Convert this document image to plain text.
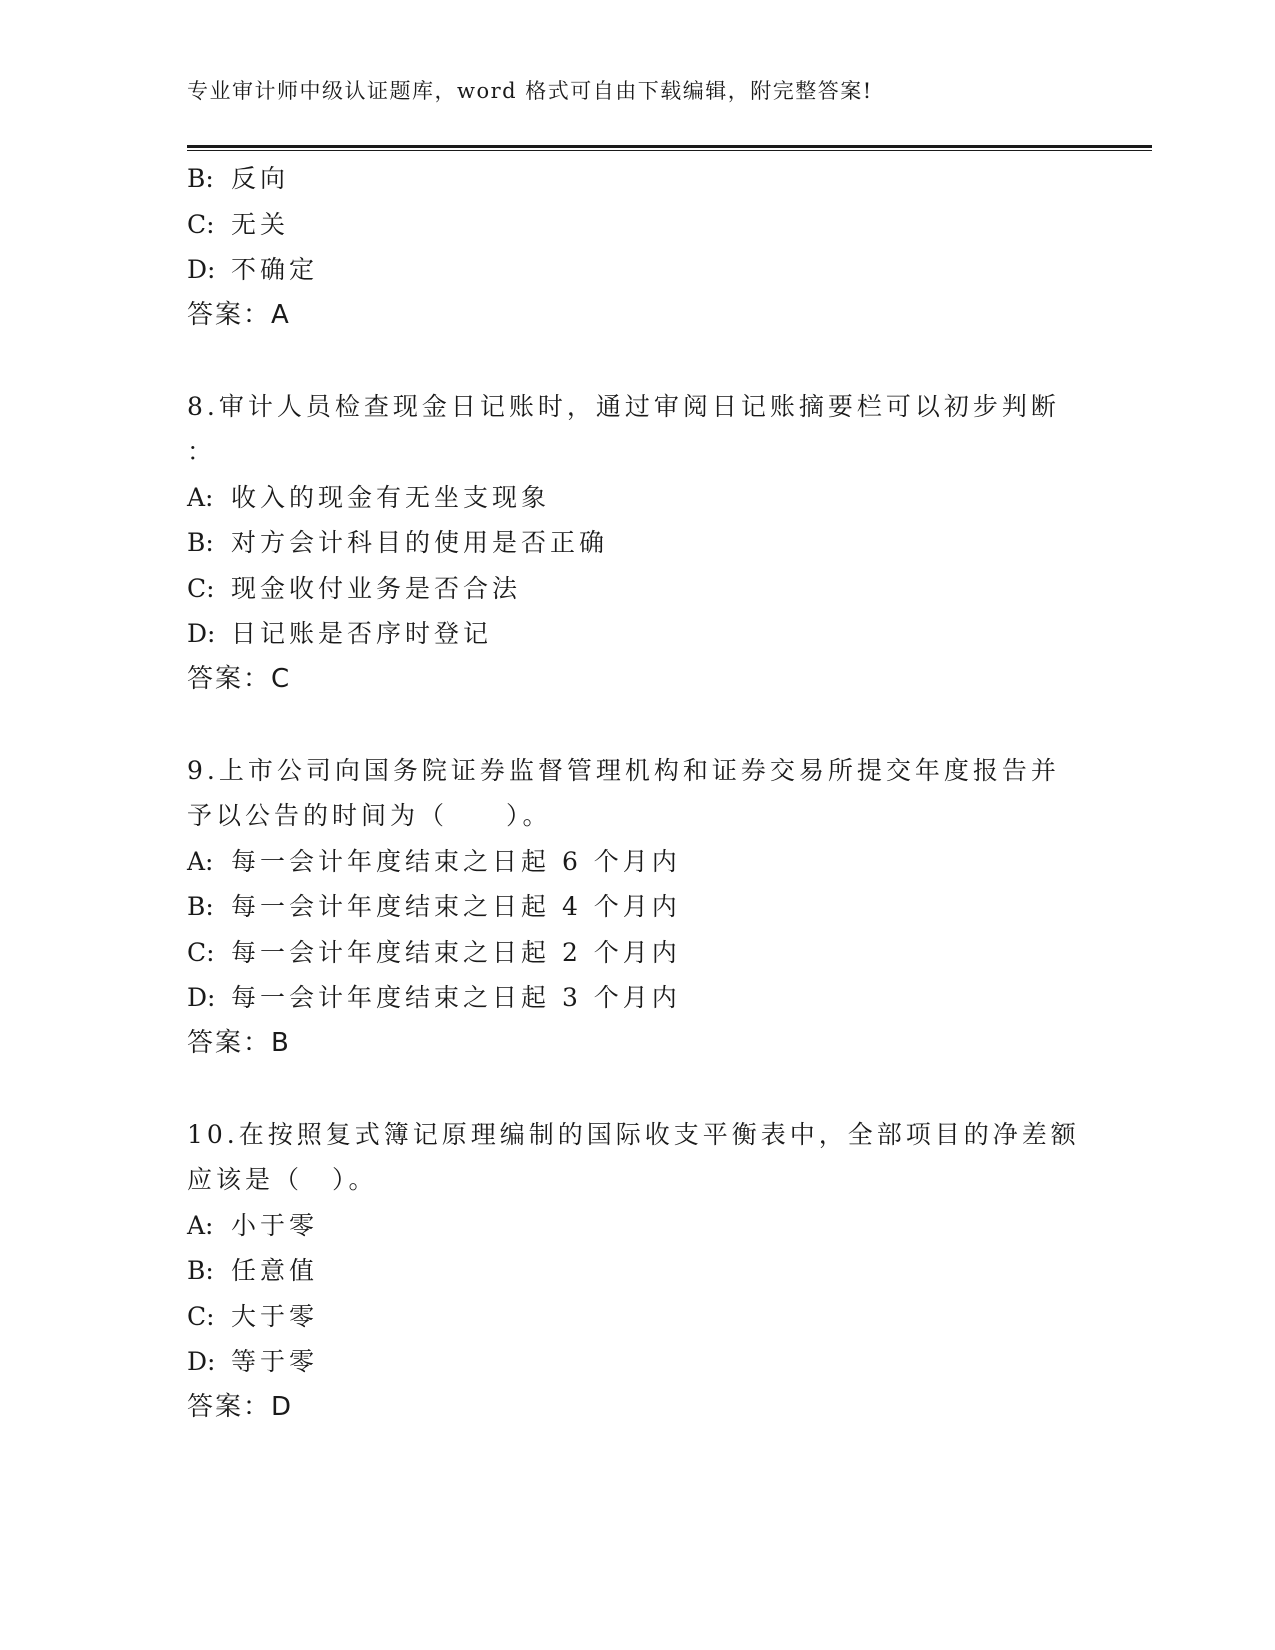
专业审计师中级认证题库，word 格式可自由下载编辑，附完整答案!
B: 反向
C: 无关
D: 不确定
答案：A
8.审计人员检查现金日记账时，通过审阅日记账摘要栏可以初步判断
：
A: 收入的现金有无坐支现象
B: 对方会计科目的使用是否正确
C: 现金收付业务是否合法
D: 日记账是否序时登记
答案：C
9.上市公司向国务院证券监督管理机构和证券交易所提交年度报告并
予以公告的时间为（　　）。
A: 每一会计年度结束之日起 6 个月内
B: 每一会计年度结束之日起 4 个月内
C: 每一会计年度结束之日起 2 个月内
D: 每一会计年度结束之日起 3 个月内
答案：B
10.在按照复式簿记原理编制的国际收支平衡表中，全部项目的净差额
应该是（　）。
A: 小于零
B: 任意值
C: 大于零
D: 等于零
答案：D
